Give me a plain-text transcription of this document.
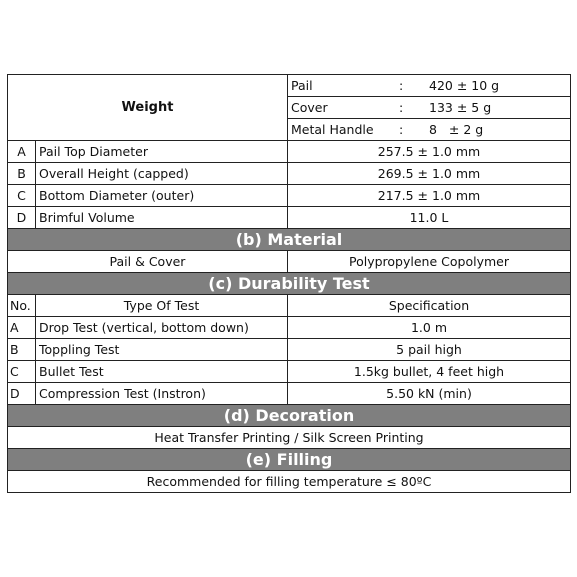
Weight		Pail : 420 ± 10 g
		Cover : 133 ± 5 g
		Metal Handle : 8   ± 2 g
A	Pail Top Diameter	257.5 ± 1.0 mm
B	Overall Height (capped)	269.5 ± 1.0 mm
C	Bottom Diameter (outer)	217.5 ± 1.0 mm
D	Brimful Volume	11.0 L
(b) Material		
Pail & Cover		Polypropylene Copolymer
(c) Durability Test		
No.	Type Of Test	Specification
A	Drop Test (vertical, bottom down)	1.0 m
B	Toppling Test	5 pail high
C	Bullet Test	1.5kg bullet, 4 feet high
D	Compression Test (Instron)	5.50 kN (min)
(d) Decoration		
Heat Transfer Printing / Silk Screen Printing		
(e) Filling		
Recommended for filling temperature ≤ 80ºC		
